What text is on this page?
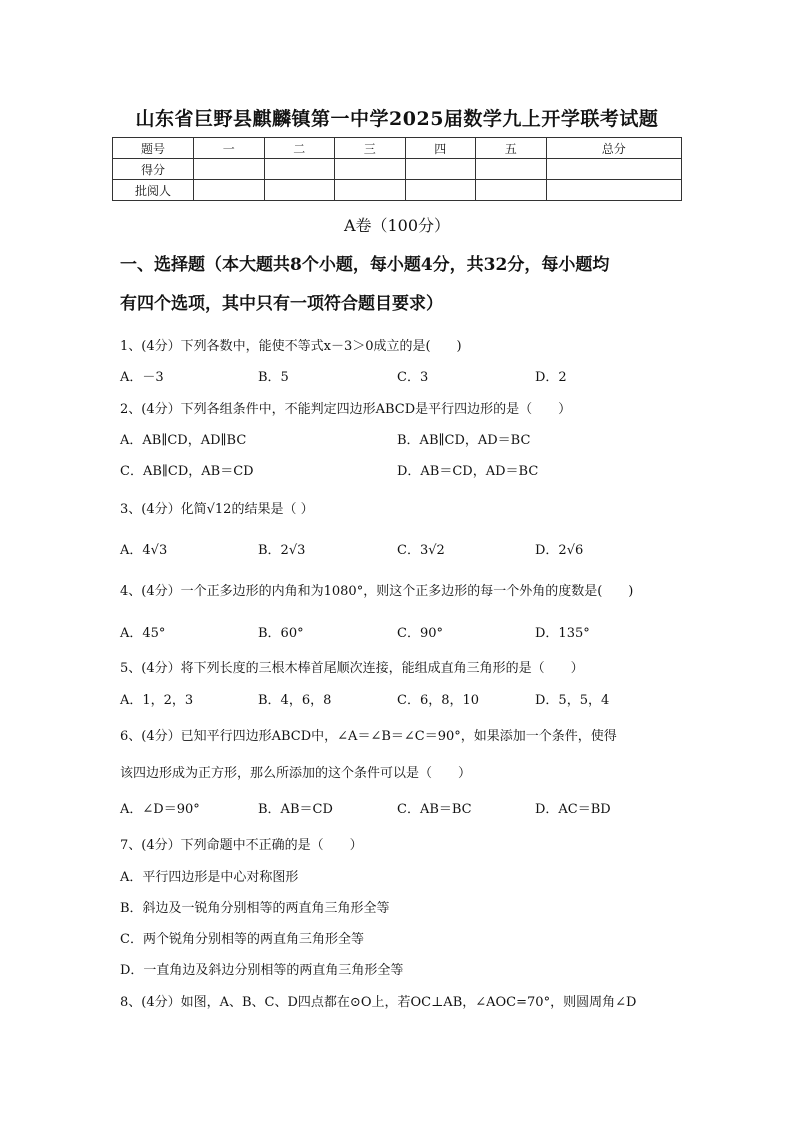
山东省巨野县麒麟镇第一中学2025届数学九上开学联考试题
题号	一	二	三	四	五	总分
得分						
批阅人						
A卷（100分）
一、选择题（本大题共8个小题，每小题4分，共32分，每小题均
有四个选项，其中只有一项符合题目要求）
1、(4分）下列各数中，能使不等式x－3＞0成立的是(　　)
A．－3	B．5	C．3	D．2
2、(4分）下列各组条件中，不能判定四边形ABCD是平行四边形的是（　　）
A．AB∥CD，AD∥BC	B．AB∥CD，AD＝BC
C．AB∥CD，AB＝CD	D．AB＝CD，AD＝BC
3、(4分）化简√12的结果是（ ）
A．4√3	B．2√3	C．3√2	D．2√6
4、(4分）一个正多边形的内角和为1080°，则这个正多边形的每一个外角的度数是(　　)
A．45°	B．60°	C．90°	D．135°
5、(4分）将下列长度的三根木棒首尾顺次连接，能组成直角三角形的是（　　）
A．1，2，3	B．4，6，8	C．6，8，10	D．5，5，4
6、(4分）已知平行四边形ABCD中，∠A＝∠B＝∠C＝90°，如果添加一个条件，使得
该四边形成为正方形，那么所添加的这个条件可以是（　　）
A．∠D＝90°	B．AB＝CD	C．AB＝BC	D．AC＝BD
7、(4分）下列命题中不正确的是（　　）
A．平行四边形是中心对称图形
B．斜边及一锐角分别相等的两直角三角形全等
C．两个锐角分别相等的两直角三角形全等
D．一直角边及斜边分别相等的两直角三角形全等
8、(4分）如图，A、B、C、D四点都在⊙O上，若OC⊥AB，∠AOC=70°，则圆周角∠D
